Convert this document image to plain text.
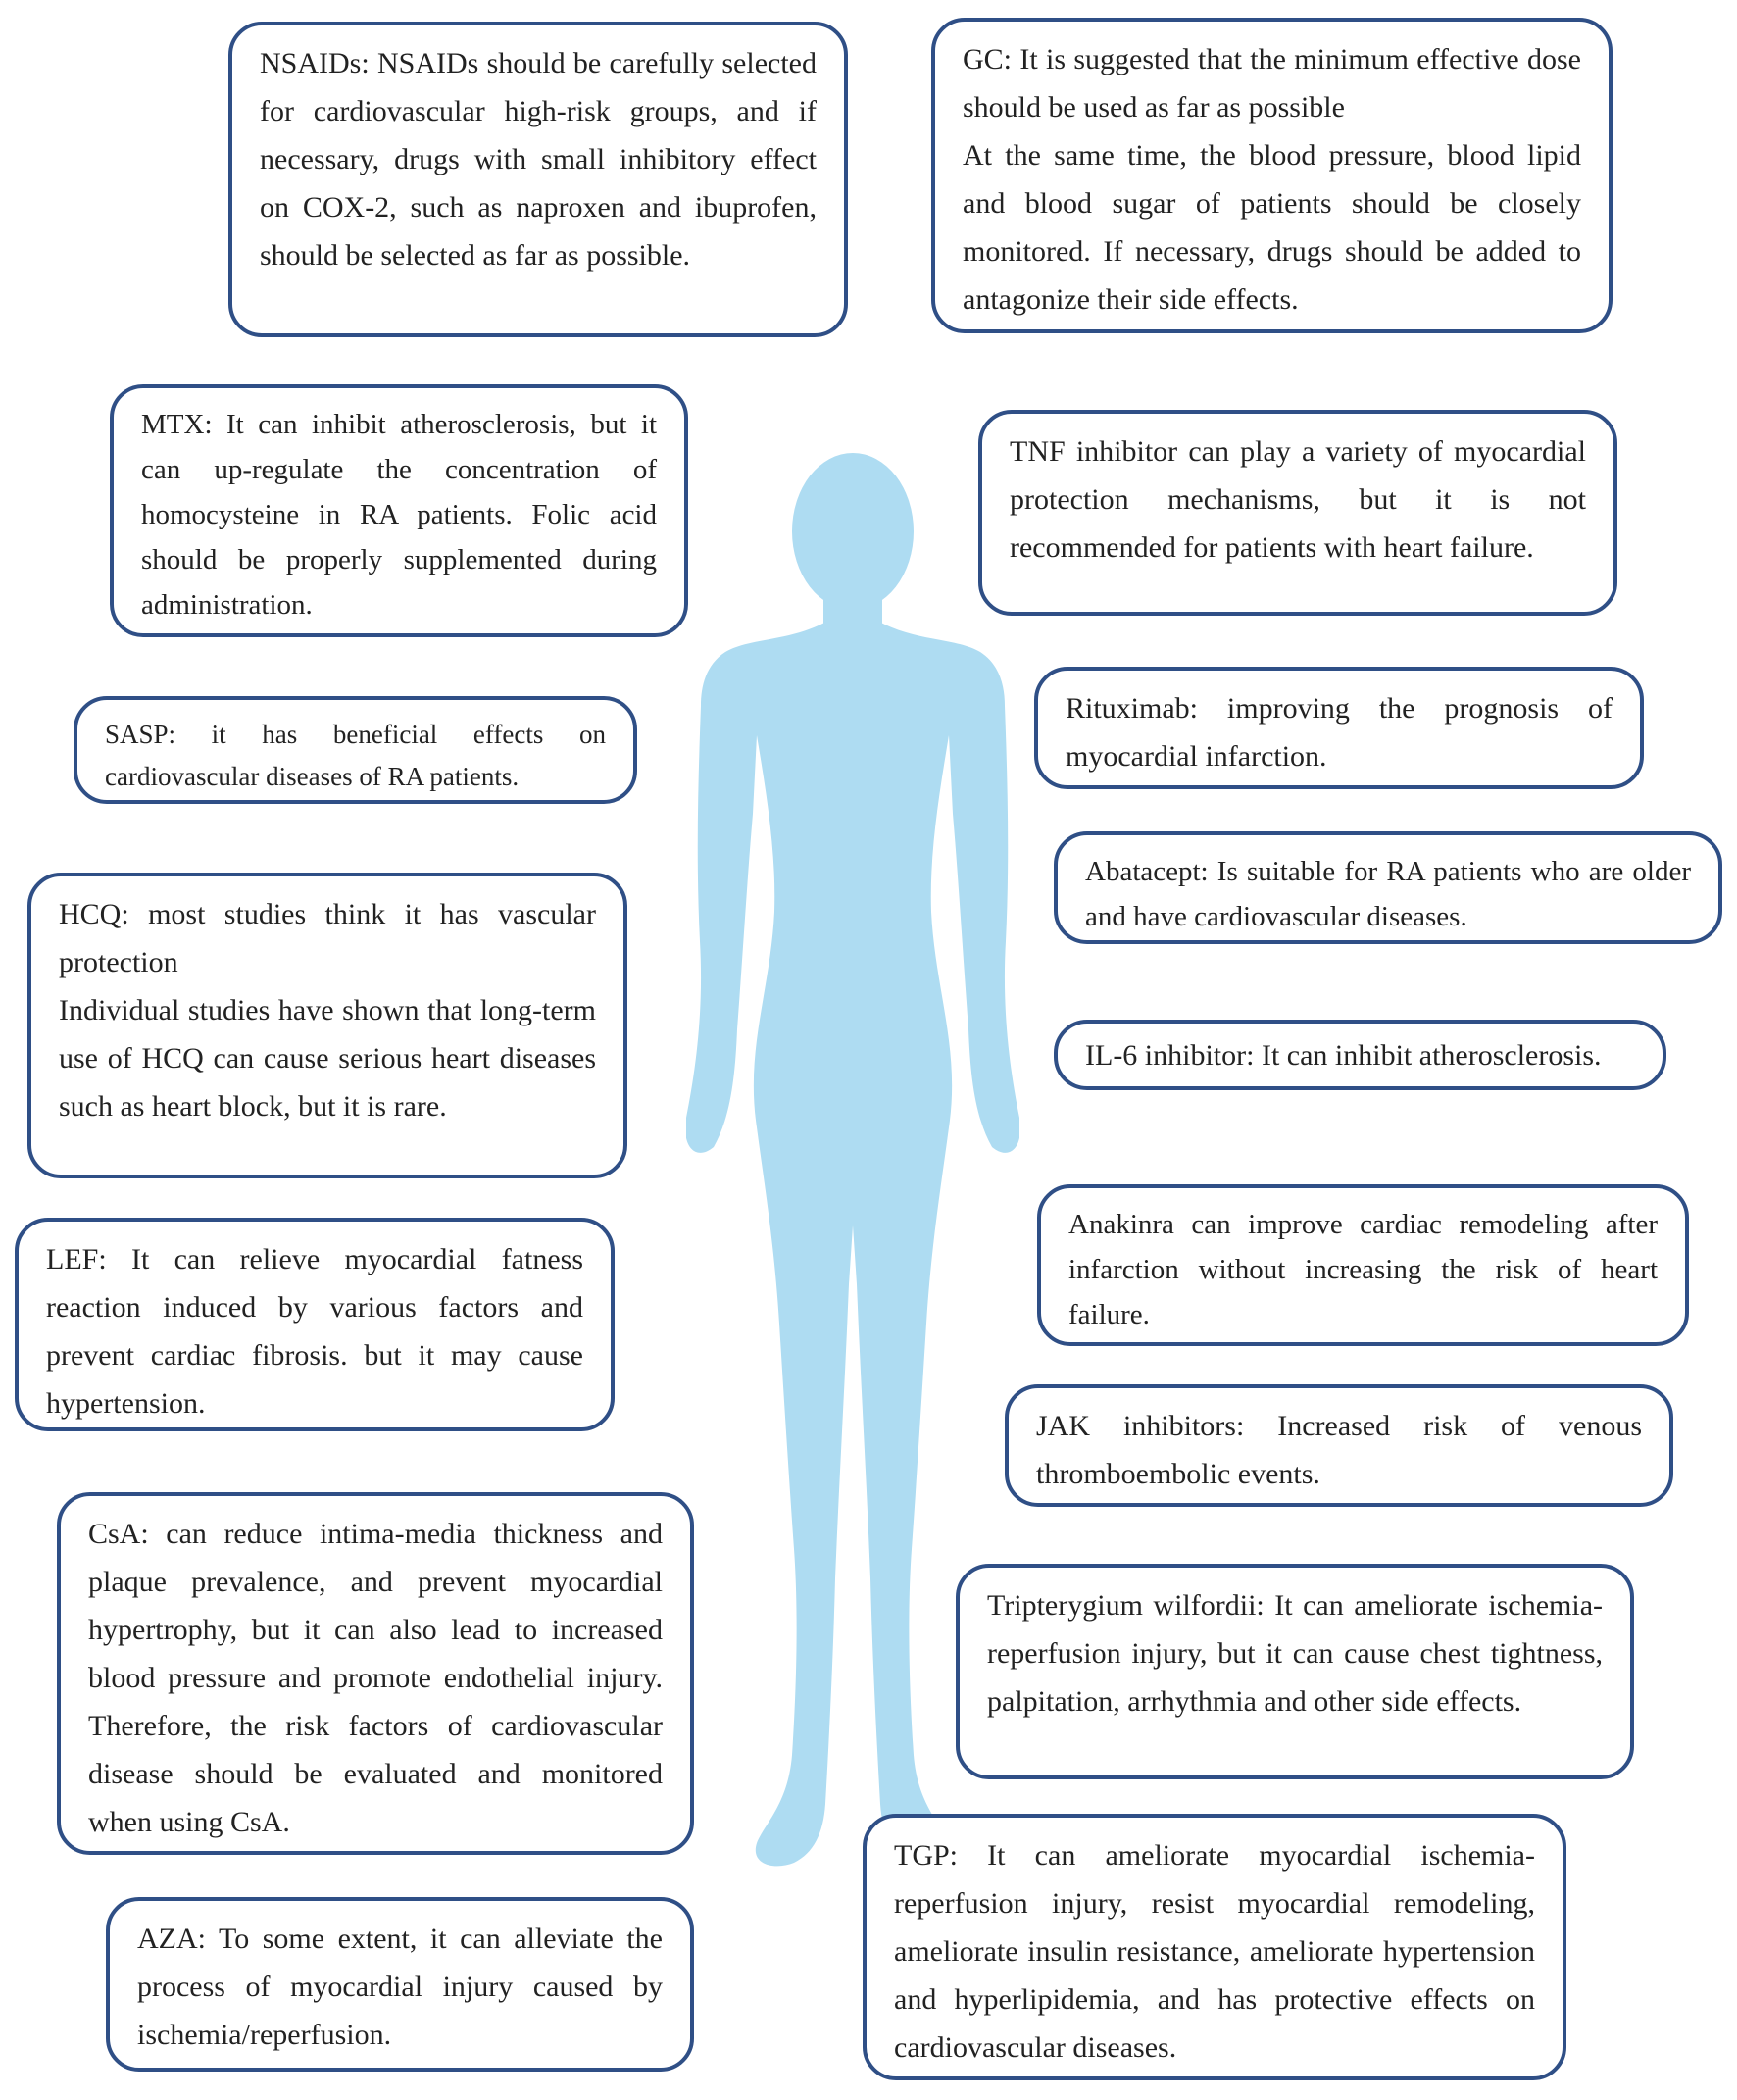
NSAIDs: NSAIDs should be carefully selected for cardiovascular high-risk groups, and if necessary, drugs with small inhibitory effect on COX-2, such as naproxen and ibuprofen, should be selected as far as possible.

MTX: It can inhibit atherosclerosis, but it can up-regulate the concentration of homocysteine in RA patients. Folic acid should be properly supplemented during administration.

SASP: it has beneficial effects on cardiovascular diseases of RA patients.

HCQ: most studies think it has vascular protection

Individual studies have shown that long-term use of HCQ can cause serious heart diseases such as heart block, but it is rare.

LEF: It can relieve myocardial fatness reaction induced by various factors and prevent cardiac fibrosis. but it may cause hypertension.

CsA: can reduce intima-media thickness and plaque prevalence, and prevent myocardial hypertrophy, but it can also lead to increased blood pressure and promote endothelial injury. Therefore, the risk factors of cardiovascular disease should be evaluated and monitored when using CsA.

AZA: To some extent, it can alleviate the process of myocardial injury caused by ischemia/reperfusion.

GC: It is suggested that the minimum effective dose should be used as far as possible

At the same time, the blood pressure, blood lipid and blood sugar of patients should be closely monitored. If necessary, drugs should be added to antagonize their side effects.

TNF inhibitor can play a variety of myocardial protection mechanisms, but it is not recommended for patients with heart failure.

Rituximab: improving the prognosis of myocardial infarction.

Abatacept: Is suitable for RA patients who are older and have cardiovascular diseases.

IL-6 inhibitor: It can inhibit atherosclerosis.

Anakinra can improve cardiac remodeling after infarction without increasing the risk of heart failure.

JAK inhibitors: Increased risk of venous thromboembolic events.

Tripterygium wilfordii: It can ameliorate ischemia-reperfusion injury, but it can cause chest tightness, palpitation, arrhythmia and other side effects.

TGP: It can ameliorate myocardial ischemia-reperfusion injury, resist myocardial remodeling, ameliorate insulin resistance, ameliorate hypertension and hyperlipidemia, and has protective effects on cardiovascular diseases.
